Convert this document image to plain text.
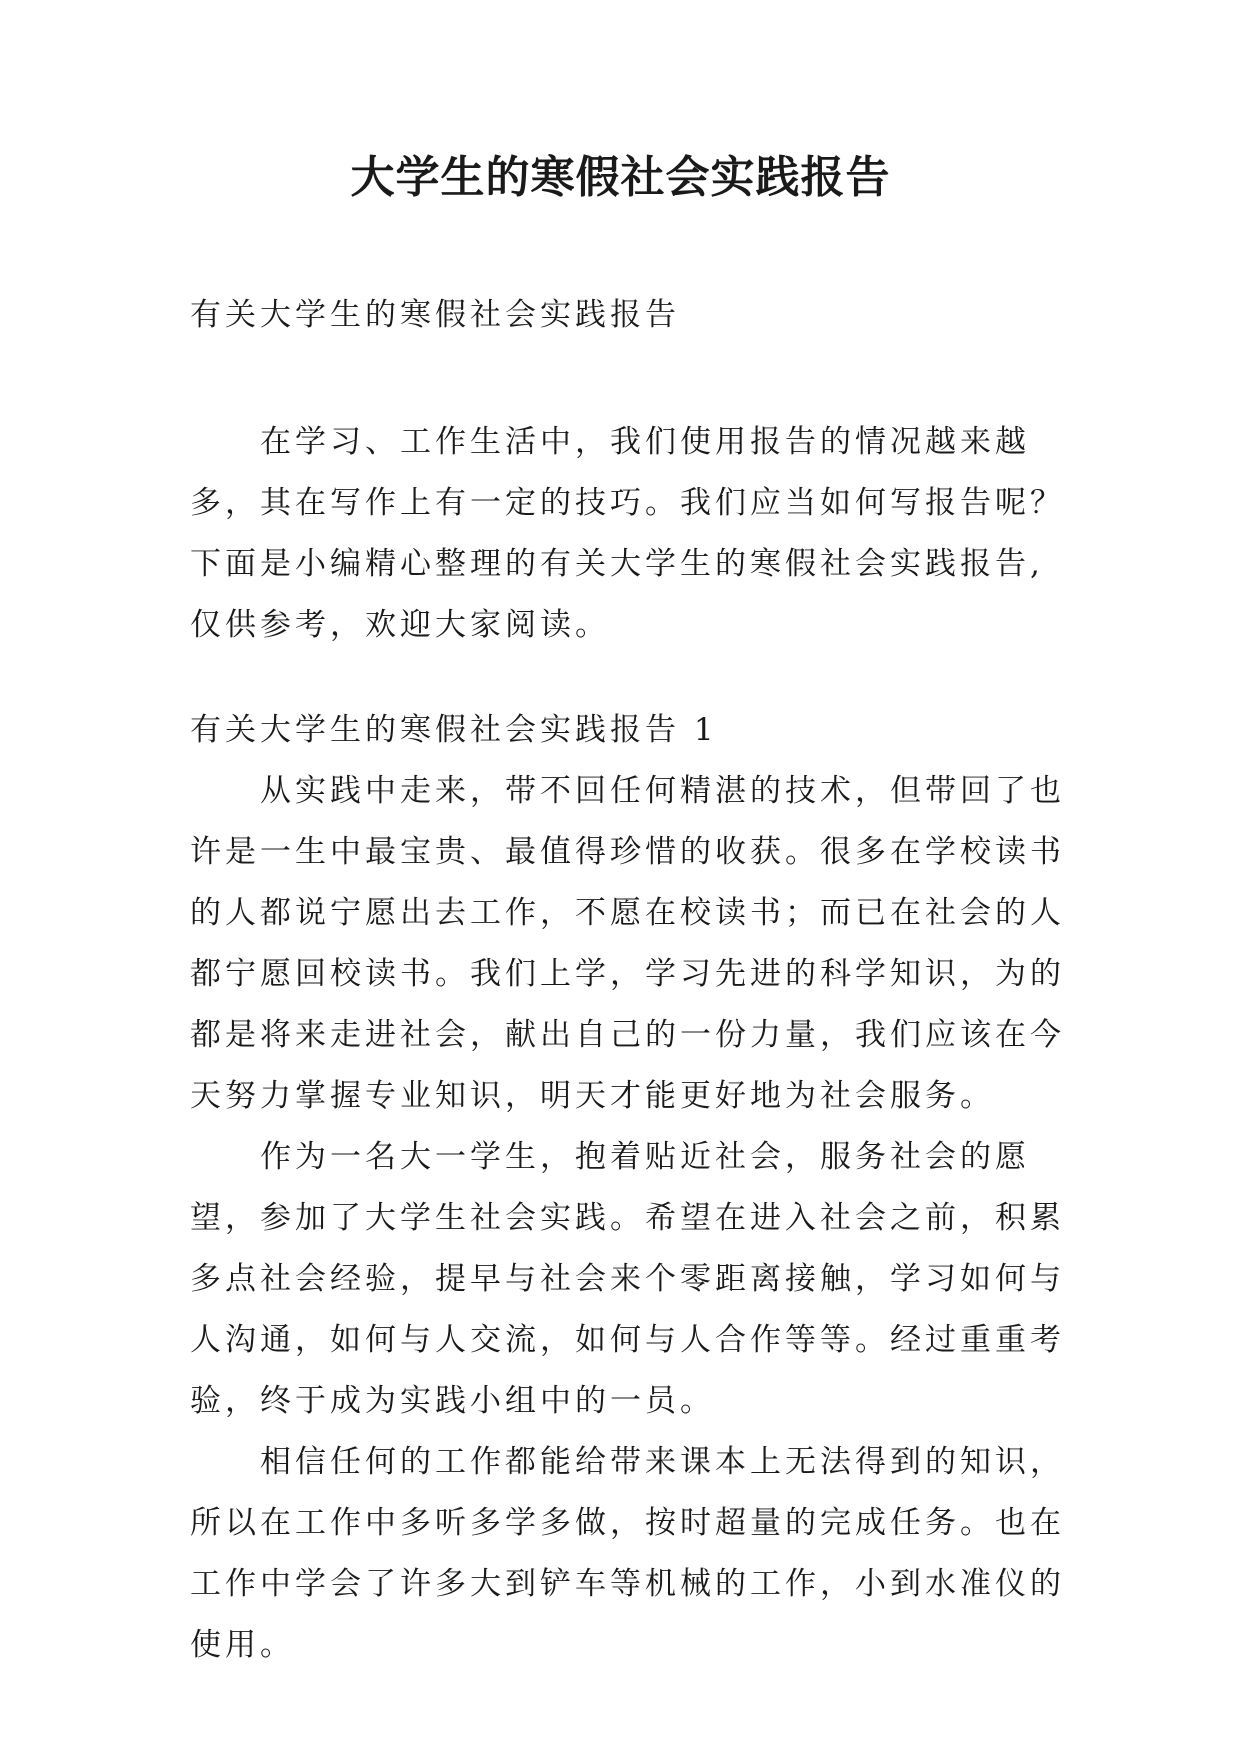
大学生的寒假社会实践报告

有关大学生的寒假社会实践报告

在学习、工作生活中，我们使用报告的情况越来越多，其在写作上有一定的技巧。我们应当如何写报告呢？下面是小编精心整理的有关大学生的寒假社会实践报告,仅供参考，欢迎大家阅读。

有关大学生的寒假社会实践报告 1

从实践中走来，带不回任何精湛的技术，但带回了也许是一生中最宝贵、最值得珍惜的收获。很多在学校读书的人都说宁愿出去工作，不愿在校读书；而已在社会的人都宁愿回校读书。我们上学，学习先进的科学知识，为的都是将来走进社会，献出自己的一份力量，我们应该在今天努力掌握专业知识，明天才能更好地为社会服务。

作为一名大一学生，抱着贴近社会，服务社会的愿望，参加了大学生社会实践。希望在进入社会之前，积累多点社会经验，提早与社会来个零距离接触，学习如何与人沟通，如何与人交流，如何与人合作等等。经过重重考验，终于成为实践小组中的一员。

相信任何的工作都能给带来课本上无法得到的知识，所以在工作中多听多学多做，按时超量的完成任务。也在工作中学会了许多大到铲车等机械的工作，小到水准仪的使用。
